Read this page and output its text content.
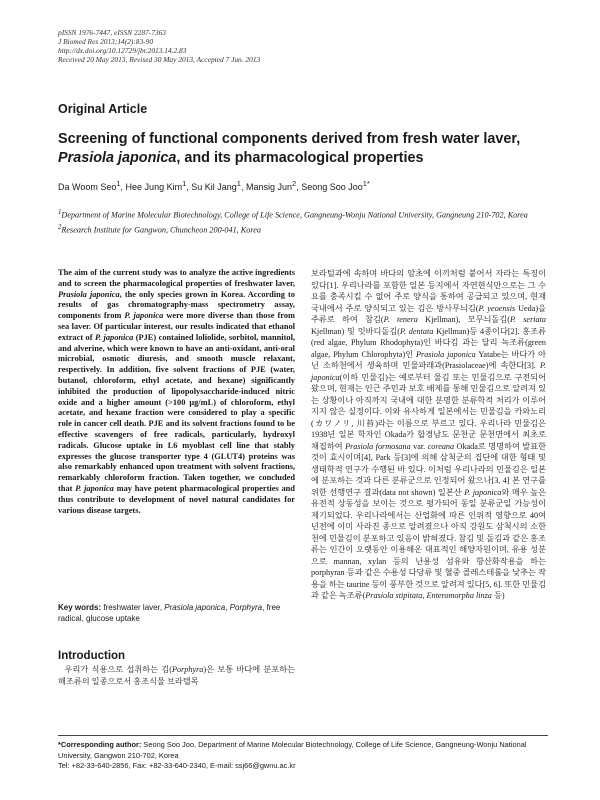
pISSN 1976-7447, eISSN 2287-7363
J Biomed Res 2013;14(2):83-90
http://dx.doi.org/10.12729/jbr.2013.14.2.83
Received 20 May 2013, Revised 30 May 2013, Accepted 7 Jun. 2013
Original Article
Screening of functional components derived from fresh water laver,
Prasiola japonica, and its pharmacological properties
Da Woom Seo$^1$, Hee Jung Kim$^1$, Su Kil Jang$^1$, Mansig Jun$^2$, Seong Soo Joo$^{1*}$
$^1$Department of Marine Molecular Biotechnology, College of Life Science, Gangneung-Wonju National University, Gangneung 210-702, Korea
$^2$Research Institute for Gangwon, Chuncheon 200-041, Korea
The aim of the current study was to analyze the active ingredients and to screen the pharmacological properties of freshwater laver, Prasiola japonica, the only species grown in Korea. According to results of gas chromatography-mass spectrometry assay, components from P. japonica were more diverse than those from sea laver. Of particular interest, our results indicated that ethanol extract of P. japonica (PJE) contained loliolide, sorbitol, mannitol, and alverine, which were known to have an anti-oxidant, anti-oral microbial, osmotic diuresis, and smooth muscle relaxant, respectively. In addition, five solvent fractions of PJE (water, butanol, chloroform, ethyl acetate, and hexane) significantly inhibited the production of lipopolysaccharide-induced nitric oxide and a higher amount (>100 μg/mL) of chloroform, ethyl acetate, and hexane fraction were considered to play a specific role in cancer cell death. PJE and its solvent fractions found to be effective scavengers of free radicals, particularly, hydroxyl radicals. Glucose uptake in L6 myoblast cell line that stably expresses the glucose transporter type 4 (GLUT4) proteins was also remarkably enhanced upon treatment with solvent fractions, remarkably chloroform fraction. Taken together, we concluded that P. japonica may have potent pharmacological properties and thus contribute to development of novel natural candidates for various disease targets.
Key words: freshwater laver, Prasiola japonica, Porphyra, free radical, glucose uptake
Introduction
우리가 식용으로 섭취하는 김(Porphyra)은 보통 바다에 분포하는 해조류의 일종으로서 홍조식물 브라텔목
보라털과에 속하며 바다의 암초에 이끼처럼 붙어서 자라는 특징이 있다[1]. 우리나라를 포함한 일본 등지에서 자연현식만으로는 그 수요를 충족시킬 수 없어 주로 양식을 통하여 공급되고 있으며, 현재 국내에서 주로 양식되고 있는 김은 방사무늬김(P. yeoensis Ueda)을 주류로 하여 참김(P. tenera Kjellman), 모무늬돌김(P. seriata Kjellman) 및 잇바디돌김(P. dentata Kjellman)등 4종이다[2]. 홍조류(red algae, Phylum Rhodophyta)인 바다김 과는 달리 녹조류(green algae, Phylum Chlorophyta)인 Prasiola japonica Yatabe는 바다가 아닌 소하천에서 생육하며 민물파래과(Prasiolaceae)에 속한다[3]. P. japonica(이하 민물김)는 예로부터 물김 또는 민물김으로 구전되어 왔으며, 현재는 인근 주민과 보호 배제를 통해 민물김으로 알려져 있는 상황이나 아직까지 국내에 대한 분명한 분류학적 처리가 이루어지지 않은 실정이다. 이와 유사하게 일본에서는 민물김을 카와노리(カワノリ, 川苔)라는 이름으로 부르고 있다. 우리나라 민물김은 1938년 일본 학자인 Okada가 합경남도 문천군 문천면에서 최초로 채집하여 Prasiola formosana var. coreana Okada로 명명하여 발표한 것이 효시이며[4], Park 등[3]에 의해 삼척군의 집단에 대한 형태 및 생태학적 연구가 수행된 바 있다. 이처럼 우리나라의 민물김은 일본에 분포하는 것과 다른 분류군으로 인정되어 왔으나[3, 4] 본 연구를 위한 선행연구 결과(data not shown) 일본산 P. japonica와 매우 높은 유전적 상동성을 보이는 것으로 평가되어 동일 분류군일 가능성이 제기되었다. 우리나라에서는 산업화에 따른 인위적 영향으로 40여년전에 이미 사라진 종으로 알려졌으나 아직 강원도 삼척시의 소한천에 민물김이 분포하고 있음이 밝혀졌다. 참김 및 돌김과 같은 홍조류는 인간이 오랫동안 이용해온 대표적인 해양자원이며, 유용 성분으로 mannan, xylan 등의 난용성 섬유와 항산화작용을 하는 porphyran 등과 같은 수용성 다당류 및 혈중 콜레스테롤을 낮추는 작용을 하는 taurine 등이 풍부한 것으로 알려져 있다[5, 6]. 또한 민물김과 같은 녹조류(Prasiola stipitata, Enteromorpha linza 등)
*Corresponding author: Seong Soo Joo, Department of Marine Molecular Biotechnology, College of Life Science, Gangneung-Wonju National University, Gangwon 210-702, Korea
Tel: +82-33-640-2856, Fax: +82-33-640-2340, E-mail: ssj66@gwnu.ac.kr
